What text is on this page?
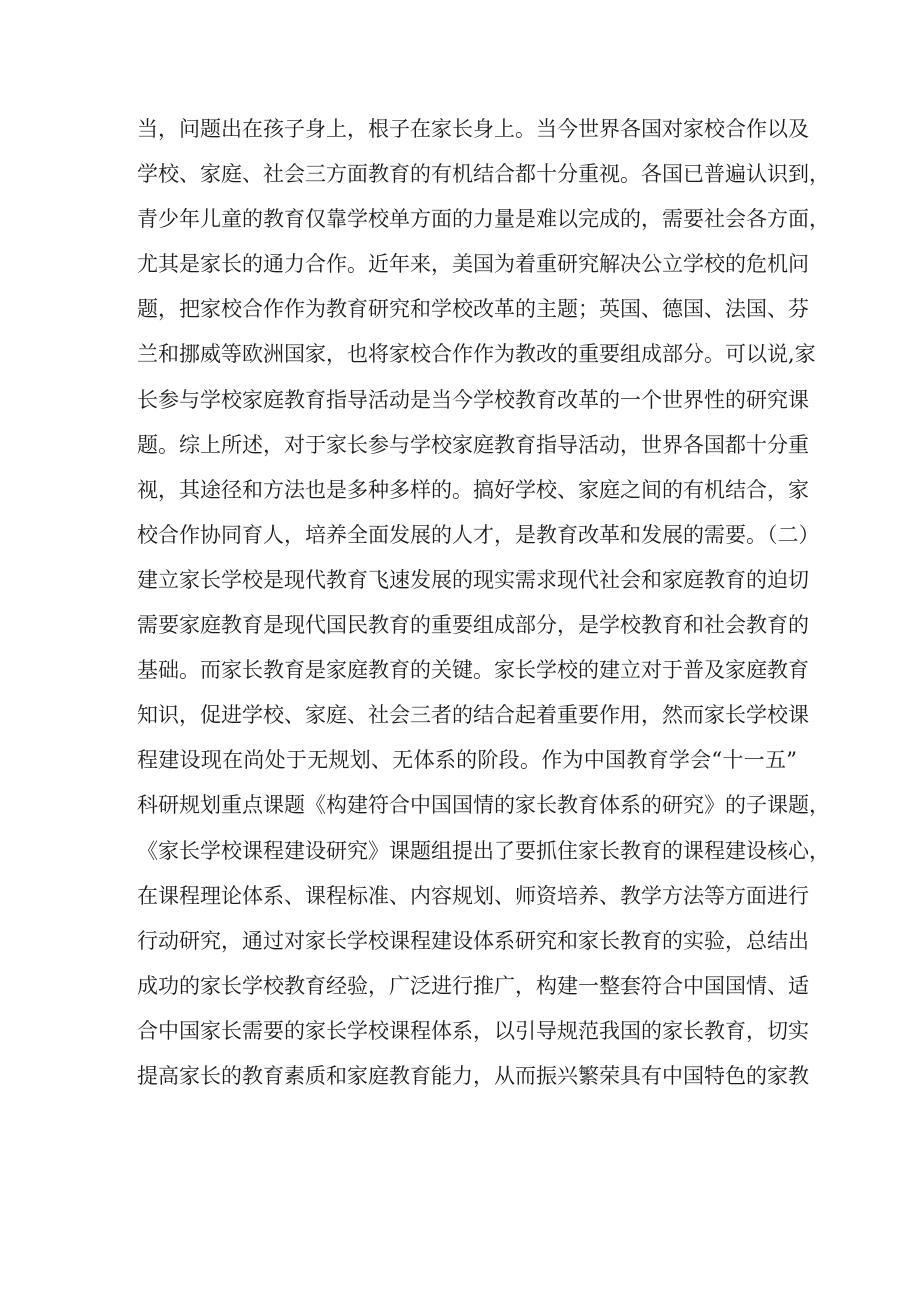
当，问题出在孩子身上，根子在家长身上。当今世界各国对家校合作以及
学校、家庭、社会三方面教育的有机结合都十分重视。各国已普遍认识到，
青少年儿童的教育仅靠学校单方面的力量是难以完成的，需要社会各方面，
尤其是家长的通力合作。近年来，美国为着重研究解决公立学校的危机问
题，把家校合作作为教育研究和学校改革的主题；英国、德国、法国、芬
兰和挪威等欧洲国家，也将家校合作作为教改的重要组成部分。可以说,家
长参与学校家庭教育指导活动是当今学校教育改革的一个世界性的研究课
题。综上所述，对于家长参与学校家庭教育指导活动，世界各国都十分重
视，其途径和方法也是多种多样的。搞好学校、家庭之间的有机结合，家
校合作协同育人，培养全面发展的人才，是教育改革和发展的需要。（二）
建立家长学校是现代教育飞速发展的现实需求现代社会和家庭教育的迫切
需要家庭教育是现代国民教育的重要组成部分，是学校教育和社会教育的
基础。而家长教育是家庭教育的关键。家长学校的建立对于普及家庭教育
知识，促进学校、家庭、社会三者的结合起着重要作用，然而家长学校课
程建设现在尚处于无规划、无体系的阶段。作为中国教育学会“十一五”
科研规划重点课题《构建符合中国国情的家长教育体系的研究》的子课题，
《家长学校课程建设研究》课题组提出了要抓住家长教育的课程建设核心，
在课程理论体系、课程标准、内容规划、师资培养、教学方法等方面进行
行动研究，通过对家长学校课程建设体系研究和家长教育的实验，总结出
成功的家长学校教育经验，广泛进行推广，构建一整套符合中国国情、适
合中国家长需要的家长学校课程体系，以引导规范我国的家长教育，切实
提高家长的教育素质和家庭教育能力，从而振兴繁荣具有中国特色的家教
